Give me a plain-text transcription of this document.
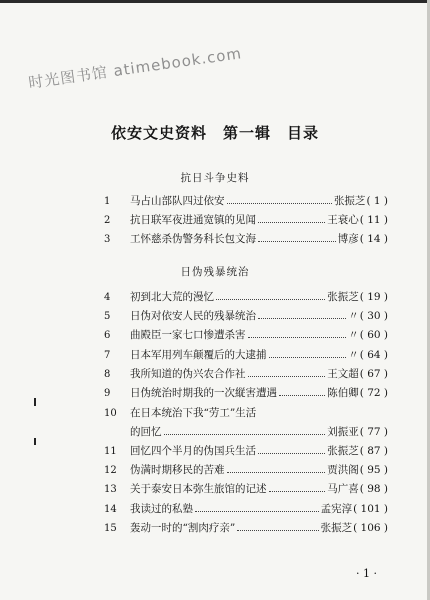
时光图书馆 atimebook.com
依安文史资料　第一辑　目录
抗日斗争史料
日伪残暴统治
1	马占山部队四过依安	张振芝 ( 1 )
2	抗日联军夜进通宽镇的见闻	王衰心 ( 11 )
3	工怀慈杀伪警务科长包文海	博彦 ( 14 )
4	初到北大荒的漫忆	张振芝 ( 19 )
5	日伪对依安人民的残暴统治	〃 ( 30 )
6	曲殿臣一家七口惨遭杀害	〃 ( 60 )
7	日本军用列车颠覆后的大逮捕	〃 ( 64 )
8	我所知道的伪兴农合作社	王文超 ( 67 )
9	日伪统治时期我的一次縦害遭遇	陈伯卿 ( 72 )
10	在日本统治下我“劳工”生活
的回忆	刘振亚 ( 77 )
11	回忆四个半月的伪国兵生活	张振芝 ( 87 )
12	伪满时期移民的苦难	贾洪阁 ( 95 )
13	关于泰安日本弥生旅馆的记述	马广喜 ( 98 )
14	我读过的私塾	孟宪淳 ( 101 )
15	轰动一时的“割肉疗亲”	张振芝 ( 106 )
· 1 ·
